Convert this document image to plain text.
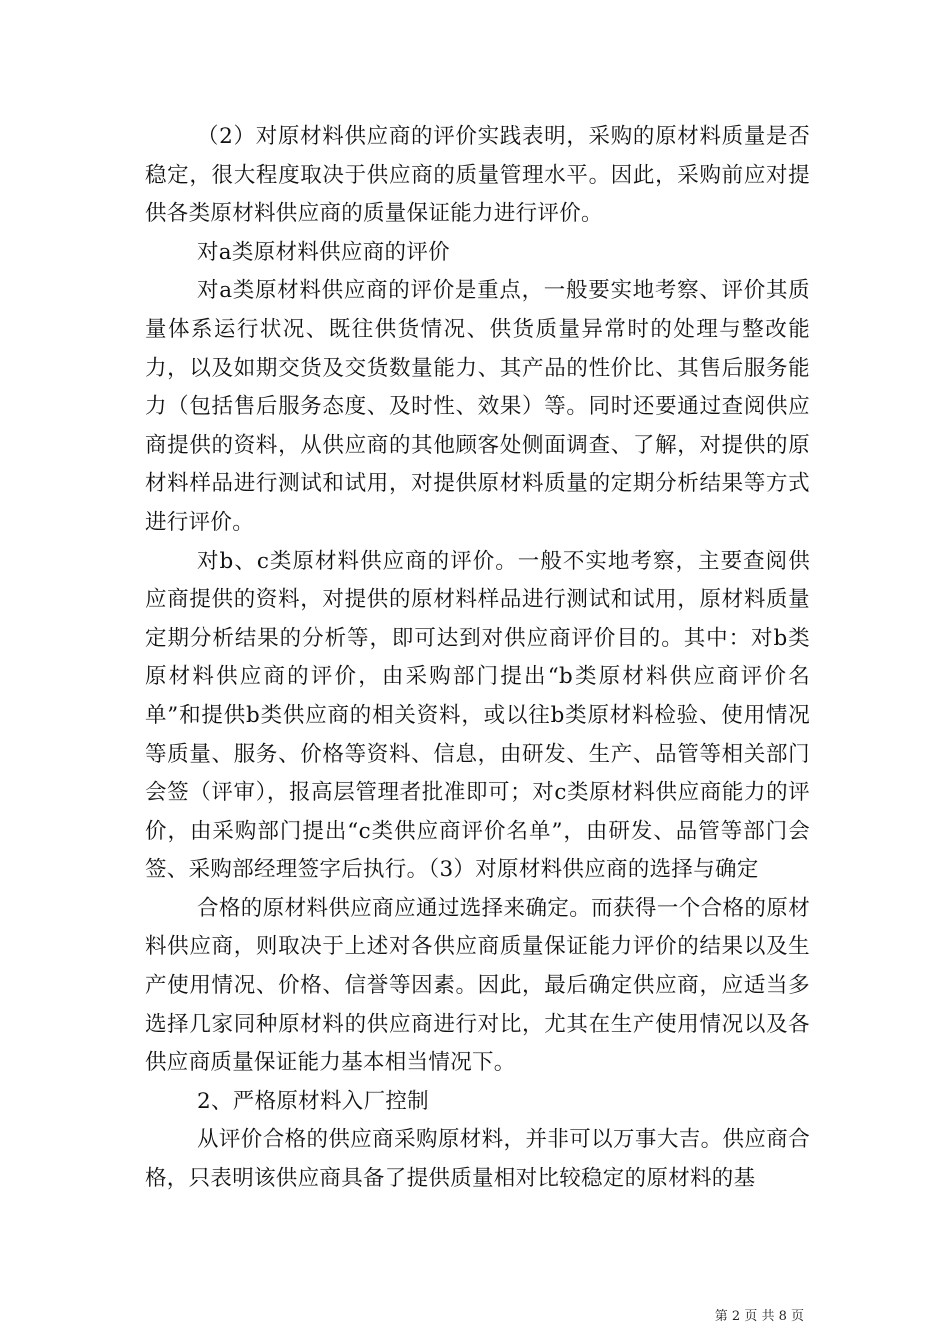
（2）对原材料供应商的评价实践表明，采购的原材料质量是否稳定，很大程度取决于供应商的质量管理水平。因此，采购前应对提供各类原材料供应商的质量保证能力进行评价。

对a类原材料供应商的评价

对a类原材料供应商的评价是重点，一般要实地考察、评价其质量体系运行状况、既往供货情况、供货质量异常时的处理与整改能力，以及如期交货及交货数量能力、其产品的性价比、其售后服务能力（包括售后服务态度、及时性、效果）等。同时还要通过查阅供应商提供的资料，从供应商的其他顾客处侧面调查、了解，对提供的原材料样品进行测试和试用，对提供原材料质量的定期分析结果等方式进行评价。

对b、c类原材料供应商的评价。一般不实地考察，主要查阅供应商提供的资料，对提供的原材料样品进行测试和试用，原材料质量定期分析结果的分析等，即可达到对供应商评价目的。其中：对b类原材料供应商的评价，由采购部门提出“b类原材料供应商评价名单”和提供b类供应商的相关资料，或以往b类原材料检验、使用情况等质量、服务、价格等资料、信息，由研发、生产、品管等相关部门会签（评审），报高层管理者批准即可；对c类原材料供应商能力的评价，由采购部门提出“c类供应商评价名单”，由研发、品管等部门会签、采购部经理签字后执行。（3）对原材料供应商的选择与确定

合格的原材料供应商应通过选择来确定。而获得一个合格的原材料供应商，则取决于上述对各供应商质量保证能力评价的结果以及生产使用情况、价格、信誉等因素。因此，最后确定供应商，应适当多选择几家同种原材料的供应商进行对比，尤其在生产使用情况以及各供应商质量保证能力基本相当情况下。

2、严格原材料入厂控制

从评价合格的供应商采购原材料，并非可以万事大吉。供应商合格，只表明该供应商具备了提供质量相对比较稳定的原材料的基

第 2 页 共 8 页
